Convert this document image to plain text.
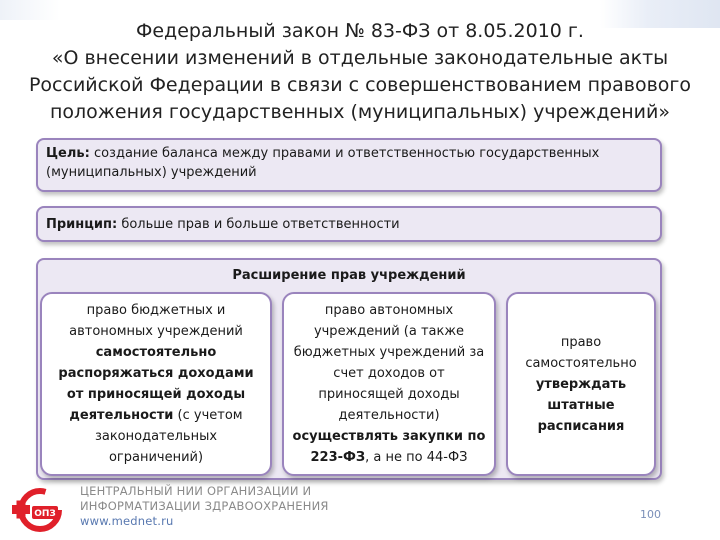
Федеральный закон № 83-ФЗ от 8.05.2010 г.
«О внесении изменений в отдельные законодательные акты
Российской Федерации в связи с совершенствованием правового
положения государственных (муниципальных) учреждений»
Цель: создание баланса между правами и ответственностью государственных (муниципальных) учреждений
Принцип: больше прав и больше ответственности
Расширение прав учреждений
право бюджетных и автономных учреждений самостоятельно распоряжаться доходами от приносящей доходы деятельности (с учетом законодательных ограничений)
право автономных учреждений (а также бюджетных учреждений за счет доходов от приносящей доходы деятельности) осуществлять закупки по 223-ФЗ, а не по 44-ФЗ
право самостоятельно утверждать штатные расписания
ОПЗ
ЦЕНТРАЛЬНЫЙ НИИ ОРГАНИЗАЦИИ И
ИНФОРМАТИЗАЦИИ ЗДРАВООХРАНЕНИЯ
www.mednet.ru	100
